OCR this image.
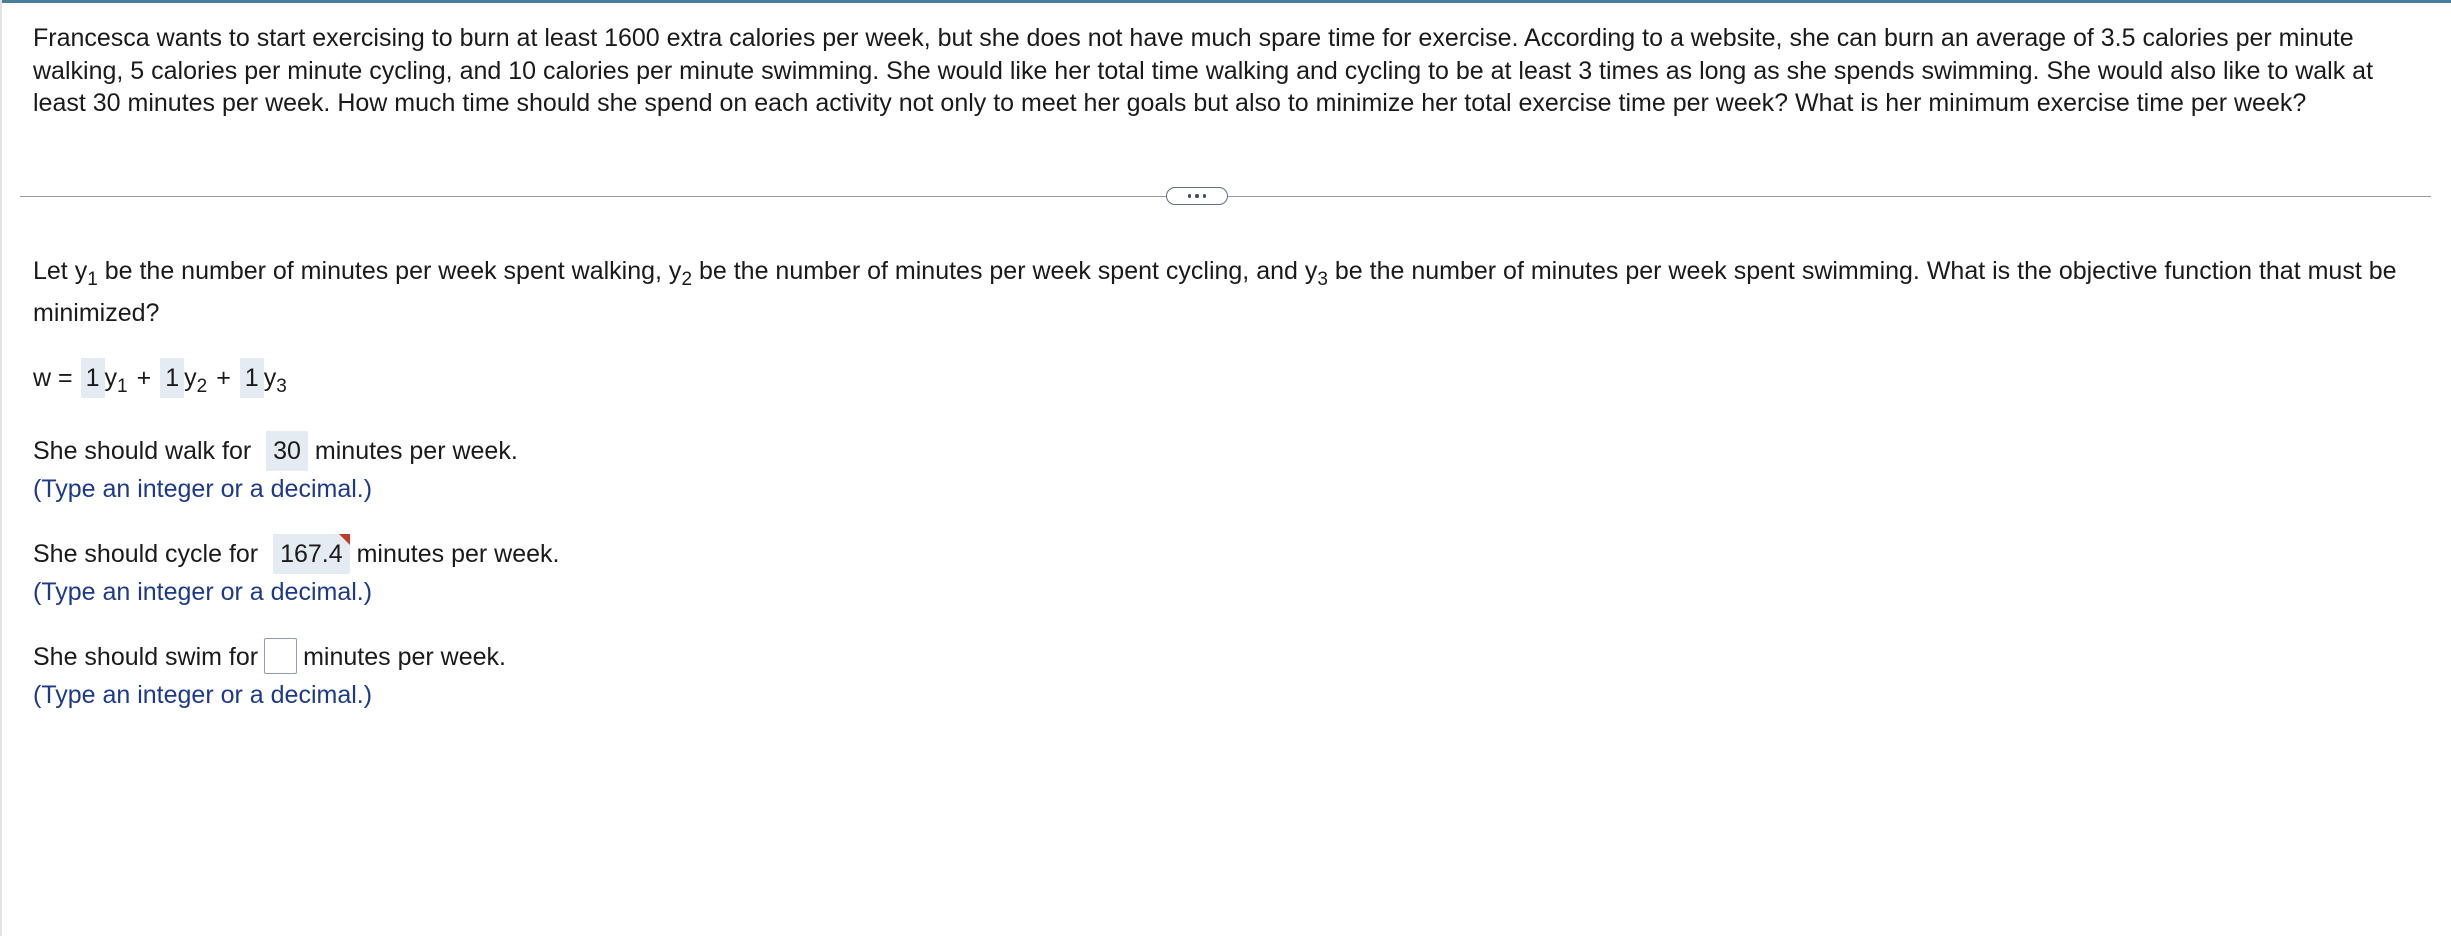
Francesca wants to start exercising to burn at least 1600 extra calories per week, but she does not have much spare time for exercise. According to a website, she can burn an average of 3.5 calories per minute walking, 5 calories per minute cycling, and 10 calories per minute swimming. She would like her total time walking and cycling to be at least 3 times as long as she spends swimming. She would also like to walk at least 30 minutes per week. How much time should she spend on each activity not only to meet her goals but also to minimize her total exercise time per week? What is her minimum exercise time per week?

Let $y_1$ be the number of minutes per week spent walking, $y_2$ be the number of minutes per week spent cycling, and $y_3$ be the number of minutes per week spent swimming. What is the objective function that must be minimized?

w = 1 $y_1 + 1$ $y_2 + 1$ $y_3$
She should walk for 30 minutes per week.
(Type an integer or a decimal.)
She should cycle for 167.4 minutes per week.
(Type an integer or a decimal.)
She should swim for minutes per week.
(Type an integer or a decimal.)
